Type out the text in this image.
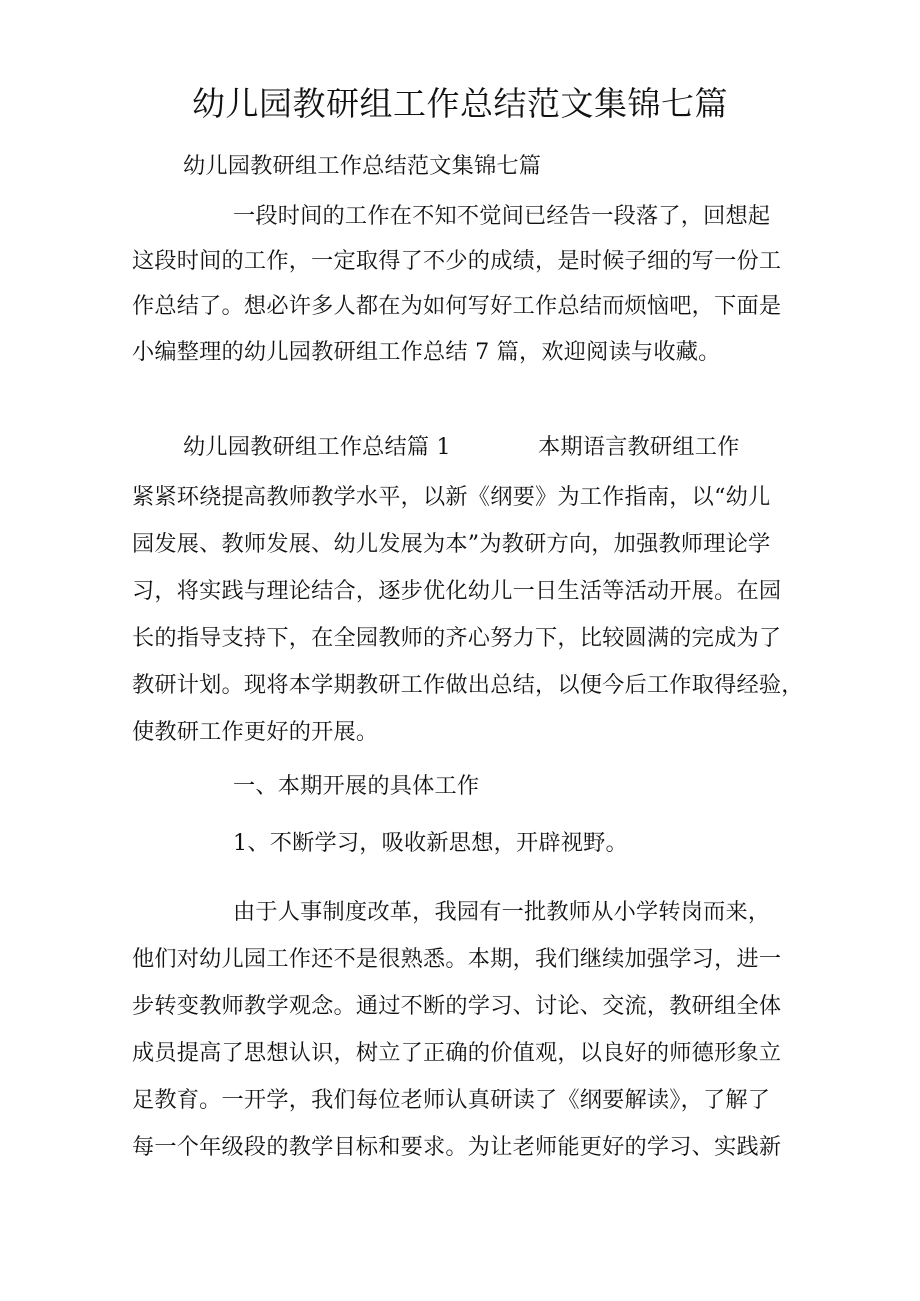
幼儿园教研组工作总结范文集锦七篇
幼儿园教研组工作总结范文集锦七篇
一段时间的工作在不知不觉间已经告一段落了，回想起
这段时间的工作，一定取得了不少的成绩，是时候子细的写一份工
作总结了。想必许多人都在为如何写好工作总结而烦恼吧，下面是
小编整理的幼儿园教研组工作总结 7 篇，欢迎阅读与收藏。
幼儿园教研组工作总结篇 1	本期语言教研组工作
紧紧环绕提高教师教学水平，以新《纲要》为工作指南，以“幼儿
园发展、教师发展、幼儿发展为本”为教研方向，加强教师理论学
习，将实践与理论结合，逐步优化幼儿一日生活等活动开展。在园
长的指导支持下，在全园教师的齐心努力下，比较圆满的完成为了
教研计划。现将本学期教研工作做出总结，以便今后工作取得经验，
使教研工作更好的开展。
一、本期开展的具体工作
1、不断学习，吸收新思想，开辟视野。
由于人事制度改革，我园有一批教师从小学转岗而来，
他们对幼儿园工作还不是很熟悉。本期，我们继续加强学习，进一
步转变教师教学观念。通过不断的学习、讨论、交流，教研组全体
成员提高了思想认识，树立了正确的价值观，以良好的师德形象立
足教育。一开学，我们每位老师认真研读了《纲要解读》，了解了
每一个年级段的教学目标和要求。为让老师能更好的学习、实践新
